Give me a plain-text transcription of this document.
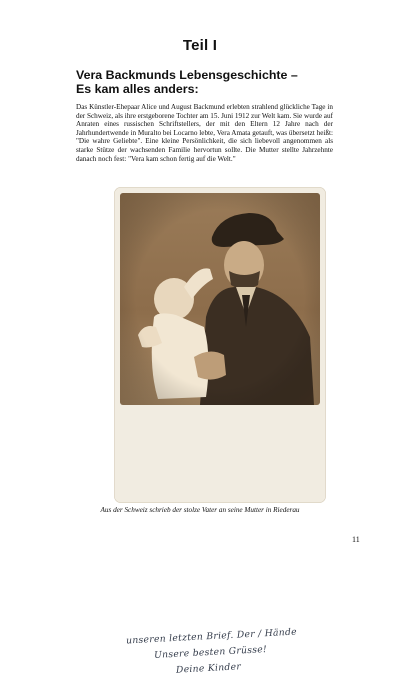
Teil I
Vera Backmunds Lebensgeschichte –
Es kam alles anders:

Das Künstler-Ehepaar Alice und August Backmund erlebten strahlend glückliche Tage in der Schweiz, als ihre erstgeborene Tochter am 15. Juni 1912 zur Welt kam. Sie wurde auf Anraten eines russischen Schriftstellers, der mit den Eltern 12 Jahre nach der Jahrhundertwende in Muralto bei Locarno lebte, Vera Amata getauft, was übersetzt heißt: "Die wahre Geliebte". Eine kleine Persönlichkeit, die sich liebevoll angenommen als starke Stütze der wachsenden Familie hervortun sollte. Die Mutter stellte Jahrzehnte danach noch fest: "Vera kam schon fertig auf die Welt."

unseren letzten Brief. Der / Hände
Unsere besten Grüsse!
Deine Kinder
Aus der Schweiz schrieb der stolze Vater an seine Mutter in Riederau
11
